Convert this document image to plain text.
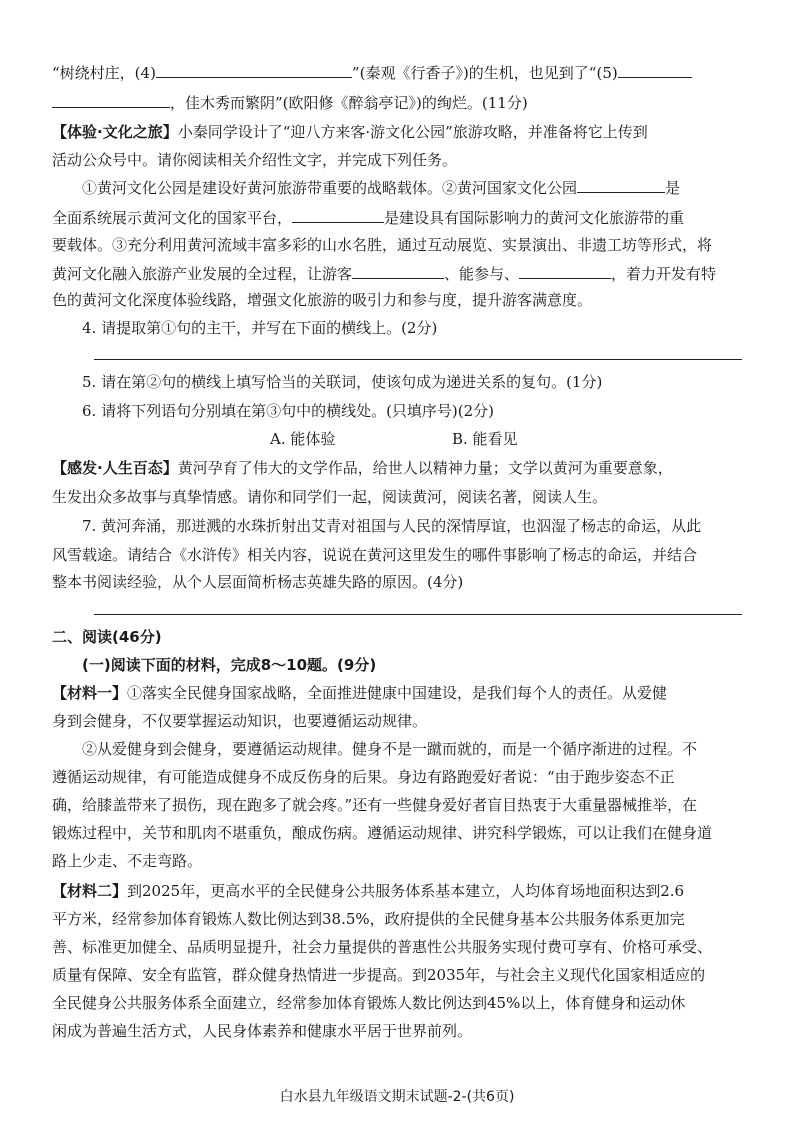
“树绕村庄，(4)	”(秦观《行香子》)的生机，也见到了“(5)
，佳木秀而繁阴”(欧阳修《醉翁亭记》)的绚烂。(11分)
【体验·文化之旅】小秦同学设计了“迎八方来客·游文化公园”旅游攻略，并准备将它上传到
活动公众号中。请你阅读相关介绍性文字，并完成下列任务。
①黄河文化公园是建设好黄河旅游带重要的战略载体。②黄河国家文化公园	是
全面系统展示黄河文化的国家平台，	是建设具有国际影响力的黄河文化旅游带的重
要载体。③充分利用黄河流域丰富多彩的山水名胜，通过互动展览、实景演出、非遗工坊等形式，将
黄河文化融入旅游产业发展的全过程，让游客	、能参与、	，着力开发有特
色的黄河文化深度体验线路，增强文化旅游的吸引力和参与度，提升游客满意度。
4. 请提取第①句的主干，并写在下面的横线上。(2分)
5. 请在第②句的横线上填写恰当的关联词，使该句成为递进关系的复句。(1分)
6. 请将下列语句分别填在第③句中的横线处。(只填序号)(2分)
A. 能体验	B. 能看见
【感发·人生百态】黄河孕育了伟大的文学作品，给世人以精神力量；文学以黄河为重要意象，
生发出众多故事与真挚情感。请你和同学们一起，阅读黄河，阅读名著，阅读人生。
7. 黄河奔涌，那迸溅的水珠折射出艾青对祖国与人民的深情厚谊，也泅湿了杨志的命运，从此
风雪载途。请结合《水浒传》相关内容，说说在黄河这里发生的哪件事影响了杨志的命运，并结合
整本书阅读经验，从个人层面简析杨志英雄失路的原因。(4分)
二、阅读(46分)
(一)阅读下面的材料，完成8～10题。(9分)
【材料一】①落实全民健身国家战略，全面推进健康中国建设，是我们每个人的责任。从爱健
身到会健身，不仅要掌握运动知识，也要遵循运动规律。
②从爱健身到会健身，要遵循运动规律。健身不是一蹴而就的，而是一个循序渐进的过程。不
遵循运动规律，有可能造成健身不成反伤身的后果。身边有路跑爱好者说：“由于跑步姿态不正
确，给膝盖带来了损伤，现在跑多了就会疼。”还有一些健身爱好者盲目热衷于大重量器械推举，在
锻炼过程中，关节和肌肉不堪重负，酿成伤病。遵循运动规律、讲究科学锻炼，可以让我们在健身道
路上少走、不走弯路。
【材料二】到2025年，更高水平的全民健身公共服务体系基本建立，人均体育场地面积达到2.6
平方米，经常参加体育锻炼人数比例达到38.5%，政府提供的全民健身基本公共服务体系更加完
善、标准更加健全、品质明显提升，社会力量提供的普惠性公共服务实现付费可享有、价格可承受、
质量有保障、安全有监管，群众健身热情进一步提高。到2035年，与社会主义现代化国家相适应的
全民健身公共服务体系全面建立，经常参加体育锻炼人数比例达到45%以上，体育健身和运动休
闲成为普遍生活方式，人民身体素养和健康水平居于世界前列。
白水县九年级语文期末试题-2-(共6页)
